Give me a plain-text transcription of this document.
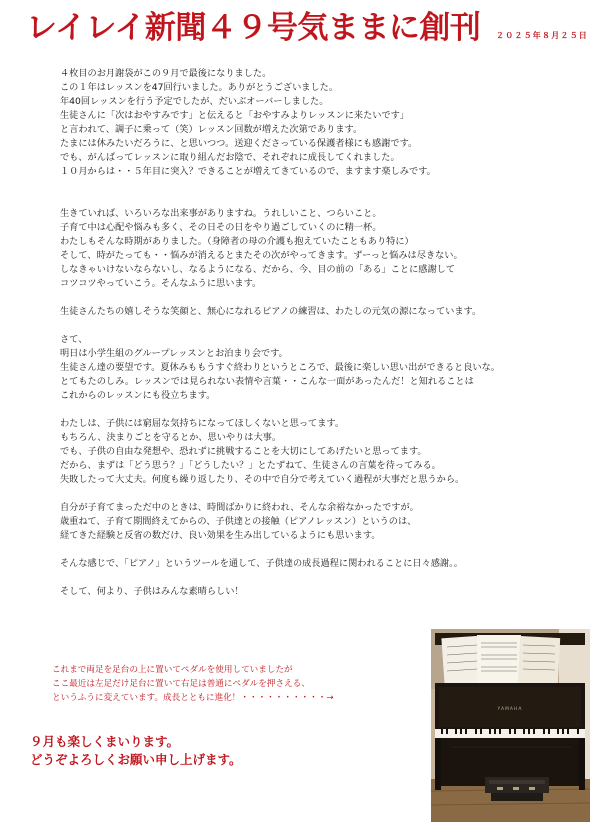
レイレイ新聞４９号気ままに創刊 ２０２５年８月２５日

４枚目のお月謝袋がこの９月で最後になりました。

この１年はレッスンを47回行いました。ありがとうございました。

年40回レッスンを行う予定でしたが、だいぶオーバーしました。

生徒さんに「次はおやすみです」と伝えると「おやすみよりレッスンに来たいです」

と言われて、調子に乗って（笑）レッスン回数が増えた次第であります。

たまには休みたいだろうに、と思いつつ。送迎くださっている保護者様にも感謝です。

でも、がんばってレッスンに取り組んだお陰で、それぞれに成長してくれました。

１０月からは・・５年目に突入？できることが増えてきているので、ますます楽しみです。

生きていれば、いろいろな出来事がありますね。うれしいこと、つらいこと。

子育て中は心配や悩みも多く、その日その日をやり過ごしていくのに精一杯。

わたしもそんな時期がありました。（身障者の母の介護も抱えていたこともあり特に）

そして、時がたっても・・悩みが消えるとまたその次がやってきます。ずーっと悩みは尽きない。

しなきゃいけないならないし、なるようになる、だから、今、目の前の「ある」ことに感謝して

コツコツやっていこう。そんなふうに思います。

生徒さんたちの嬉しそうな笑顔と、無心になれるピアノの練習は、わたしの元気の源になっています。

さて、

明日は小学生組のグループレッスンとお泊まり会です。

生徒さん達の要望です。夏休みももうすぐ終わりというところで、最後に楽しい思い出ができると良いな。

とてもたのしみ。レッスンでは見られない表情や言葉・・こんな一面があったんだ！と知れることは

これからのレッスンにも役立ちます。

わたしは、子供には窮屈な気持ちになってほしくないと思ってます。

もちろん、決まりごとを守るとか、思いやりは大事。

でも、子供の自由な発想や、恐れずに挑戦することを大切にしてあげたいと思ってます。

だから、まずは「どう思う？」「どうしたい？」とたずねて、生徒さんの言葉を待ってみる。

失敗したって大丈夫。何度も繰り返したり、その中で自分で考えていく過程が大事だと思うから。

自分が子育てまっただ中のときは、時間ばかりに終われ、そんな余裕なかったですが。

歳重ねて、子育て期間終えてからの、子供達との接触（ピアノレッスン）というのは、

経てきた経験と反省の数だけ、良い効果を生み出しているようにも思います。

そんな感じで、「ピアノ」というツールを通して、子供達の成長過程に関われることに日々感謝。。

そして、何より、子供はみんな素晴らしい！

これまで両足を足台の上に置いてペダルを使用していましたが

ここ最近は左足だけ足台に置いて右足は普通にペダルを押さえる、

というふうに変えています。成長とともに進化！・・・・・・・・・・→

９月も楽しくまいります。

どうぞよろしくお願い申し上げます。

YAMAHA
